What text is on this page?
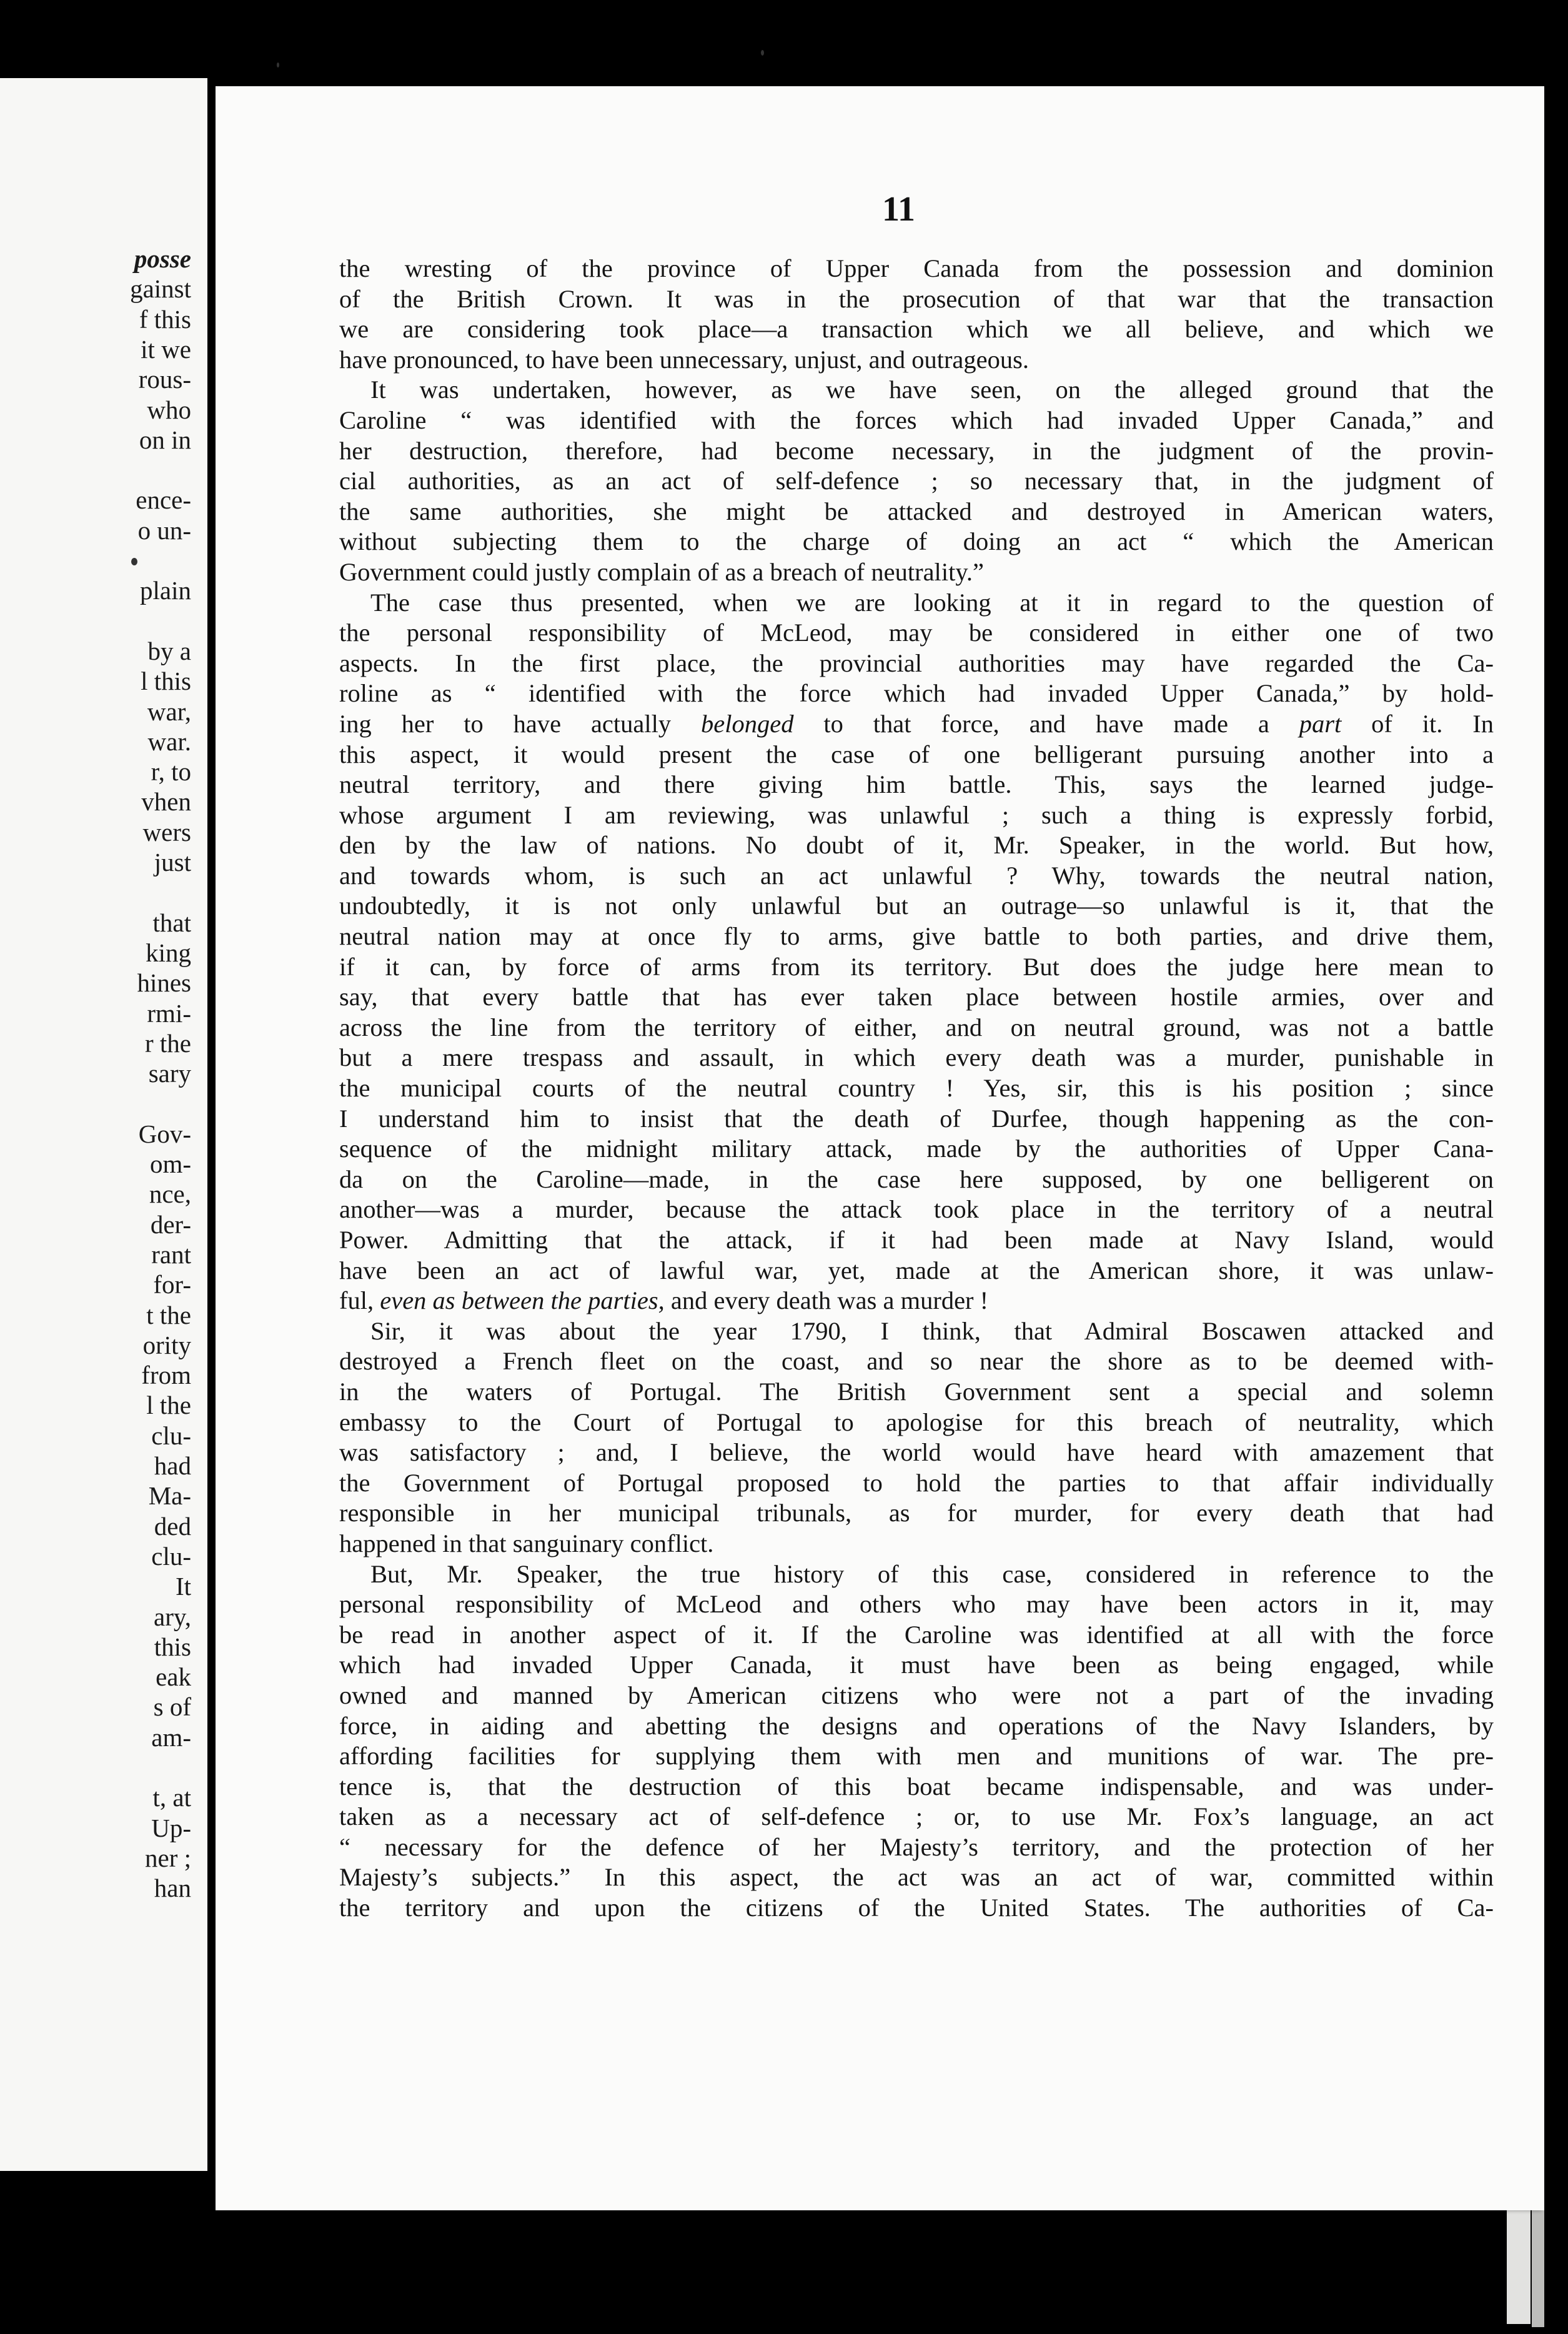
posse
gainst
f this
it we
rous-
who
on in
ence-
o un-
plain
by a
l this
war,
war.
r, to
vhen
wers
just
that
king
hines
rmi-
r the
sary
Gov-
om-
nce,
der-
rant
for-
t the
ority
from
l the
clu-
had
Ma-
ded
clu-
It
ary,
this
eak
s of
am-
t, at
Up-
ner ;
han
11
the wresting of the province of Upper Canada from the possession and dominion
of the British Crown. It was in the prosecution of that war that the transaction
we are considering took place—a transaction which we all believe, and which we
have pronounced, to have been unnecessary, unjust, and outrageous.
It was undertaken, however, as we have seen, on the alleged ground that the
Caroline “ was identified with the forces which had invaded Upper Canada,” and
her destruction, therefore, had become necessary, in the judgment of the provin-
cial authorities, as an act of self-defence ; so necessary that, in the judgment of
the same authorities, she might be attacked and destroyed in American waters,
without subjecting them to the charge of doing an act “ which the American
Government could justly complain of as a breach of neutrality.”
The case thus presented, when we are looking at it in regard to the question of
the personal responsibility of McLeod, may be considered in either one of two
aspects. In the first place, the provincial authorities may have regarded the Ca-
roline as “ identified with the force which had invaded Upper Canada,” by hold-
ing her to have actually belonged to that force, and have made a part of it. In
this aspect, it would present the case of one belligerant pursuing another into a
neutral territory, and there giving him battle. This, says the learned judge-
whose argument I am reviewing, was unlawful ; such a thing is expressly forbid,
den by the law of nations. No doubt of it, Mr. Speaker, in the world. But how,
and towards whom, is such an act unlawful ? Why, towards the neutral nation,
undoubtedly, it is not only unlawful but an outrage—so unlawful is it, that the
neutral nation may at once fly to arms, give battle to both parties, and drive them,
if it can, by force of arms from its territory. But does the judge here mean to
say, that every battle that has ever taken place between hostile armies, over and
across the line from the territory of either, and on neutral ground, was not a battle
but a mere trespass and assault, in which every death was a murder, punishable in
the municipal courts of the neutral country ! Yes, sir, this is his position ; since
I understand him to insist that the death of Durfee, though happening as the con-
sequence of the midnight military attack, made by the authorities of Upper Cana-
da on the Caroline—made, in the case here supposed, by one belligerent on
another—was a murder, because the attack took place in the territory of a neutral
Power. Admitting that the attack, if it had been made at Navy Island, would
have been an act of lawful war, yet, made at the American shore, it was unlaw-
ful, even as between the parties, and every death was a murder !
Sir, it was about the year 1790, I think, that Admiral Boscawen attacked and
destroyed a French fleet on the coast, and so near the shore as to be deemed with-
in the waters of Portugal. The British Government sent a special and solemn
embassy to the Court of Portugal to apologise for this breach of neutrality, which
was satisfactory ; and, I believe, the world would have heard with amazement that
the Government of Portugal proposed to hold the parties to that affair individually
responsible in her municipal tribunals, as for murder, for every death that had
happened in that sanguinary conflict.
But, Mr. Speaker, the true history of this case, considered in reference to the
personal responsibility of McLeod and others who may have been actors in it, may
be read in another aspect of it. If the Caroline was identified at all with the force
which had invaded Upper Canada, it must have been as being engaged, while
owned and manned by American citizens who were not a part of the invading
force, in aiding and abetting the designs and operations of the Navy Islanders, by
affording facilities for supplying them with men and munitions of war. The pre-
tence is, that the destruction of this boat became indispensable, and was under-
taken as a necessary act of self-defence ; or, to use Mr. Fox’s language, an act
“ necessary for the defence of her Majesty’s territory, and the protection of her
Majesty’s subjects.” In this aspect, the act was an act of war, committed within
the territory and upon the citizens of the United States. The authorities of Ca-
